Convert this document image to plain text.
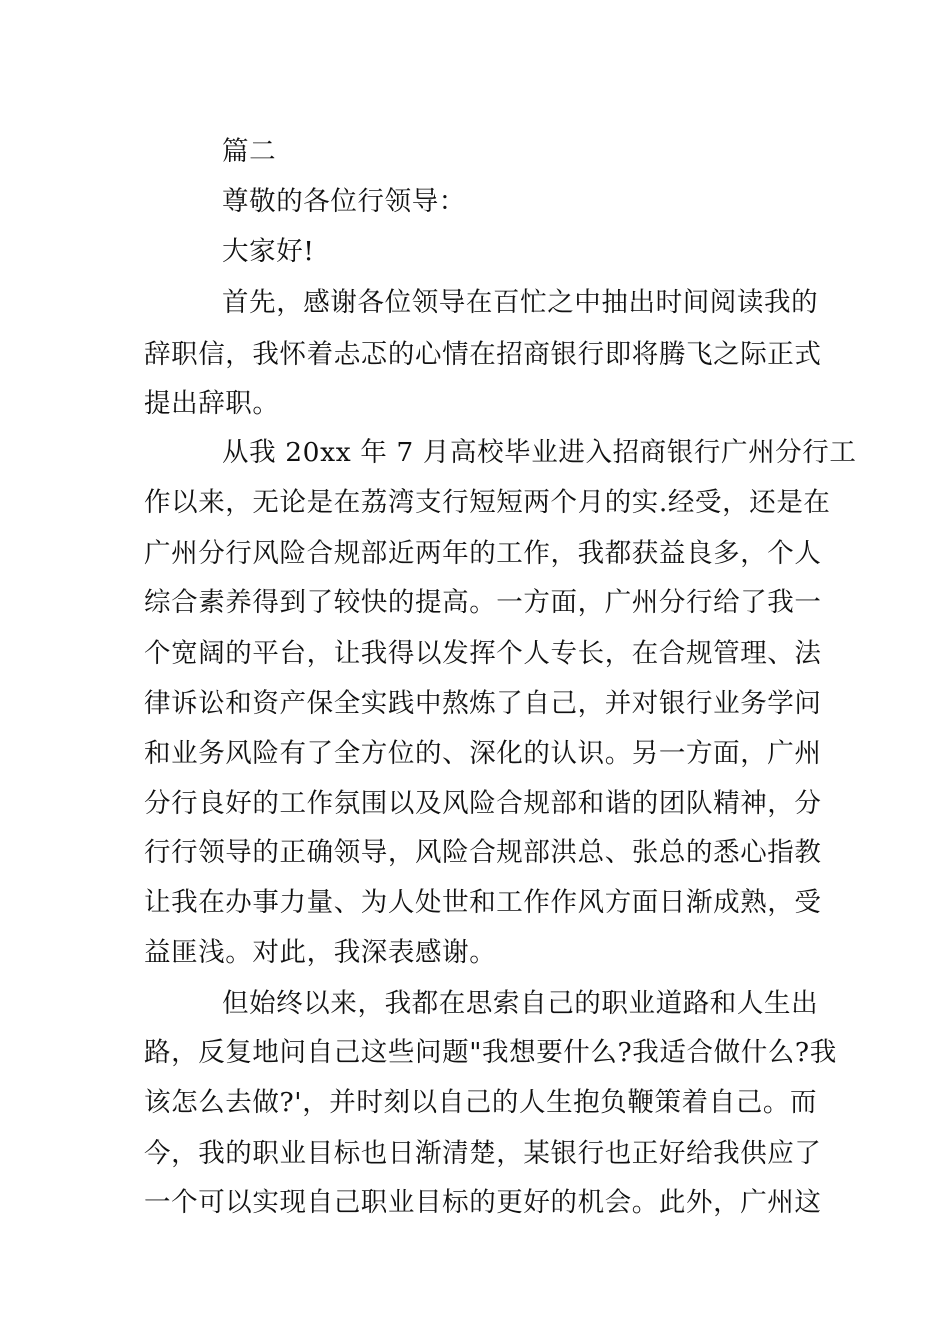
篇二
尊敬的各位行领导：
大家好!
首先，感谢各位领导在百忙之中抽出时间阅读我的
辞职信，我怀着忐忑的心情在招商银行即将腾飞之际正式
提出辞职。
从我 20xx 年 7 月高校毕业进入招商银行广州分行工
作以来，无论是在荔湾支行短短两个月的实.经受，还是在
广州分行风险合规部近两年的工作，我都获益良多，个人
综合素养得到了较快的提高。一方面，广州分行给了我一
个宽阔的平台，让我得以发挥个人专长，在合规管理、法
律诉讼和资产保全实践中熬炼了自己，并对银行业务学问
和业务风险有了全方位的、深化的认识。另一方面，广州
分行良好的工作氛围以及风险合规部和谐的团队精神，分
行行领导的正确领导，风险合规部洪总、张总的悉心指教
让我在办事力量、为人处世和工作作风方面日渐成熟，受
益匪浅。对此，我深表感谢。
但始终以来，我都在思索自己的职业道路和人生出
路，反复地问自己这些问题"我想要什么?我适合做什么?我
该怎么去做?'，并时刻以自己的人生抱负鞭策着自己。而
今，我的职业目标也日渐清楚，某银行也正好给我供应了
一个可以实现自己职业目标的更好的机会。此外，广州这
